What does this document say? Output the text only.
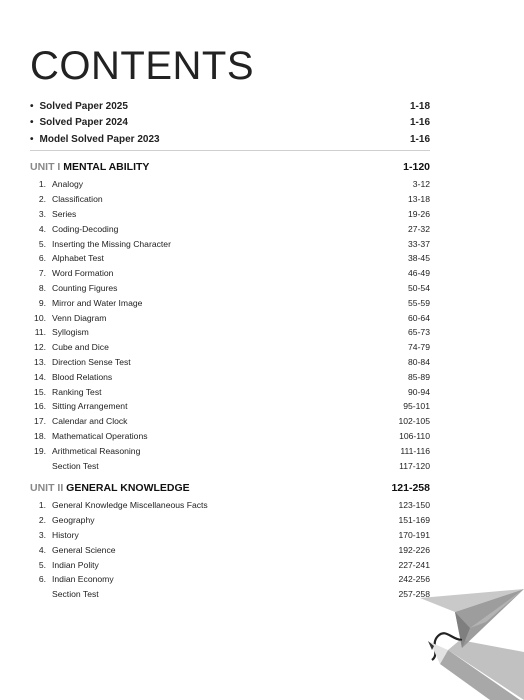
CONTENTS
• Solved Paper 2025	1-18
• Solved Paper 2024	1-16
• Model Solved Paper 2023	1-16
UNIT I MENTAL ABILITY	1-120
1. Analogy	3-12
2. Classification	13-18
3. Series	19-26
4. Coding-Decoding	27-32
5. Inserting the Missing Character	33-37
6. Alphabet Test	38-45
7. Word Formation	46-49
8. Counting Figures	50-54
9. Mirror and Water Image	55-59
10. Venn Diagram	60-64
11. Syllogism	65-73
12. Cube and Dice	74-79
13. Direction Sense Test	80-84
14. Blood Relations	85-89
15. Ranking Test	90-94
16. Sitting Arrangement	95-101
17. Calendar and Clock	102-105
18. Mathematical Operations	106-110
19. Arithmetical Reasoning	111-116
Section Test	117-120
UNIT II GENERAL KNOWLEDGE	121-258
1. General Knowledge Miscellaneous Facts	123-150
2. Geography	151-169
3. History	170-191
4. General Science	192-226
5. Indian Polity	227-241
6. Indian Economy	242-256
Section Test	257-258
